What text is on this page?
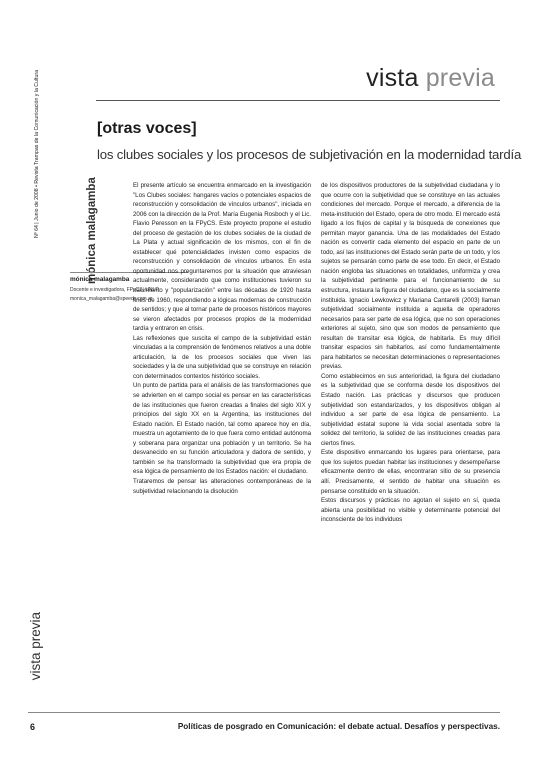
Nº 64 | Junio de 2008 • Revista Trampas de la Comunicación y la Cultura	vista previa
[otras voces]
los clubes sociales y los procesos de subjetivación en la modernidad tardía
mónica malagamba
mónica malagamba
Docente e investigadora, FPyCS, UNLP
monica_malagamba@speedy.com.ar

El presente artículo se encuentra enmarcado en la investigación "Los Clubes sociales: hangares vacíos o potenciales espacios de reconstrucción y consolidación de vínculos urbanos", iniciada en 2006 con la dirección de la Prof. María Eugenia Rosboch y el Lic. Flavio Peresson en la FPyCS. Este proyecto propone el estudio del proceso de gestación de los clubes sociales de la ciudad de La Plata y actual significación de los mismos, con el fin de establecer qué potencialidades invisten como espacios de reconstrucción y consolidación de vínculos urbanos. En esta oportunidad nos preguntaremos por la situación que atraviesan actualmente, considerando que como instituciones tuvieron su nacimiento y "popularización" entre las décadas de 1920 hasta fines de 1960, respondiendo a lógicas modernas de construcción de sentidos; y que al tornar parte de procesos históricos mayores se vieron afectados por procesos propios de la modernidad tardía y entraron en crisis.

Las reflexiones que suscita el campo de la subjetividad están vinculadas a la comprensión de fenómenos relativos a una doble articulación, la de los procesos sociales que viven las sociedades y la de una subjetividad que se construye en relación con determinados contextos histórico sociales.

Un punto de partida para el análisis de las transformaciones que se advierten en el campo social es pensar en las características de las instituciones que fueron creadas a finales del siglo XIX y principios del siglo XX en la Argentina, las instituciones del Estado nación. El Estado nación, tal como aparece hoy en día, muestra un agotamiento de lo que fuera como entidad autónoma y soberana para organizar una población y un territorio. Se ha desvanecido en su función articuladora y dadora de sentido, y también se ha transformado la subjetividad que era propia de esa lógica de pensamiento de los Estados nación: el ciudadano.

Trataremos de pensar las alteraciones contemporáneas de la subjetividad relacionando la disolución

de los dispositivos productores de la subjetividad ciudadana y lo que ocurre con la subjetividad que se constituye en las actuales condiciones del mercado. Porque el mercado, a diferencia de la meta-institución del Estado, opera de otro modo. El mercado está ligado a los flujos de capital y la búsqueda de conexiones que permitan mayor ganancia. Una de las modalidades del Estado nación es convertir cada elemento del espacio en parte de un todo, así las instituciones del Estado serán parte de un todo, y los sujetos se pensarán como parte de ese todo. En decir, el Estado nación engloba las situaciones en totalidades, uniformiza y crea la subjetividad pertinente para el funcionamiento de su estructura, instaura la figura del ciudadano, que es la socialmente instituida. Ignacio Lewkowicz y Mariana Cantarelli (2003) llaman subjetividad socialmente instituida a aquella de operadores necesarios para ser parte de esa lógica, que no son operaciones exteriores al sujeto, sino que son modos de pensamiento que resultan de transitar esa lógica, de habitarla. Es muy difícil transitar espacios sin habitarlos, así como fundamentalmente para habitarlos se necesitan determinaciones o representaciones previas.

Como establecimos en sus anterioridad, la figura del ciudadano es la subjetividad que se conforma desde los dispositivos del Estado nación. Las prácticas y discursos que producen subjetividad son estandarizados, y los dispositivos obligan al individuo a ser parte de esa lógica de pensamiento. La subjetividad estatal supone la vida social asentada sobre la solidez del territorio, la solidez de las instituciones creadas para ciertos fines.

Este dispositivo enmarcando los lugares para orientarse, para que los sujetos puedan habitar las instituciones y desempeñarse eficazmente dentro de ellas, encontraran sitio de su presencia allí. Precisamente, el sentido de habitar una situación es pensarse constituido en la situación.

Estos discursos y prácticas no agotan el sujeto en sí, queda abierta una posibilidad no visible y determinante potencial del inconsciente de los individuos

vista previa
6	Políticas de posgrado en Comunicación: el debate actual. Desafíos y perspectivas.
